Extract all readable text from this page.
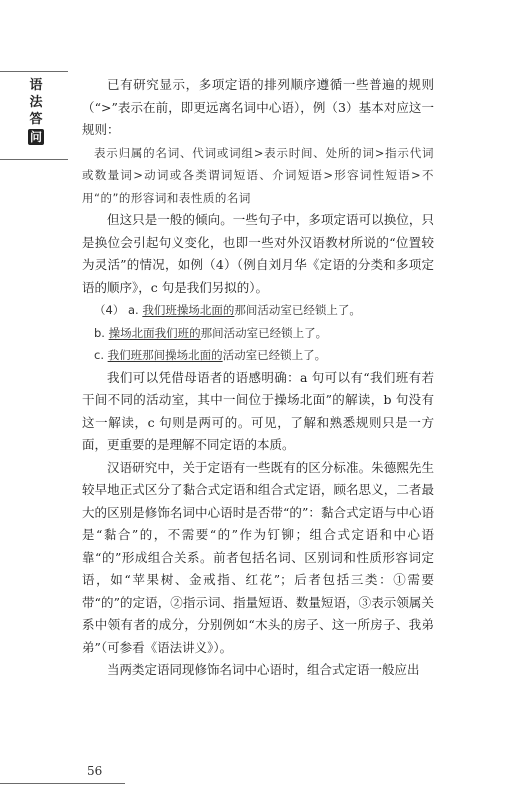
语
法
答
问

已有研究显示，多项定语的排列顺序遵循一些普遍的规则（“>”表示在前，即更远离名词中心语），例（3）基本对应这一规则：

表示归属的名词、代词或词组>表示时间、处所的词>指示代词或数量词>动词或各类谓词短语、介词短语>形容词性短语>不用“的”的形容词和表性质的名词

但这只是一般的倾向。一些句子中，多项定语可以换位，只是换位会引起句义变化，也即一些对外汉语教材所说的“位置较为灵活”的情况，如例（4）（例自刘月华《定语的分类和多项定语的顺序》，c 句是我们另拟的）。

（4） a. 我们班操场北面的那间活动室已经锁上了。
b. 操场北面我们班的那间活动室已经锁上了。
c. 我们班那间操场北面的活动室已经锁上了。

我们可以凭借母语者的语感明确：a 句可以有“我们班有若干间不同的活动室，其中一间位于操场北面”的解读，b 句没有这一解读，c 句则是两可的。可见，了解和熟悉规则只是一方面，更重要的是理解不同定语的本质。

汉语研究中，关于定语有一些既有的区分标准。朱德熙先生较早地正式区分了黏合式定语和组合式定语，顾名思义，二者最大的区别是修饰名词中心语时是否带“的”：黏合式定语与中心语是“黏合”的，不需要“的”作为钉铆；组合式定语和中心语靠“的”形成组合关系。前者包括名词、区别词和性质形容词定语，如“苹果树、金戒指、红花”；后者包括三类：①需要带“的”的定语，②指示词、指量短语、数量短语，③表示领属关系中领有者的成分，分别例如“木头的房子、这一所房子、我弟弟”（可参看《语法讲义》）。

当两类定语同现修饰名词中心语时，组合式定语一般应出

56
